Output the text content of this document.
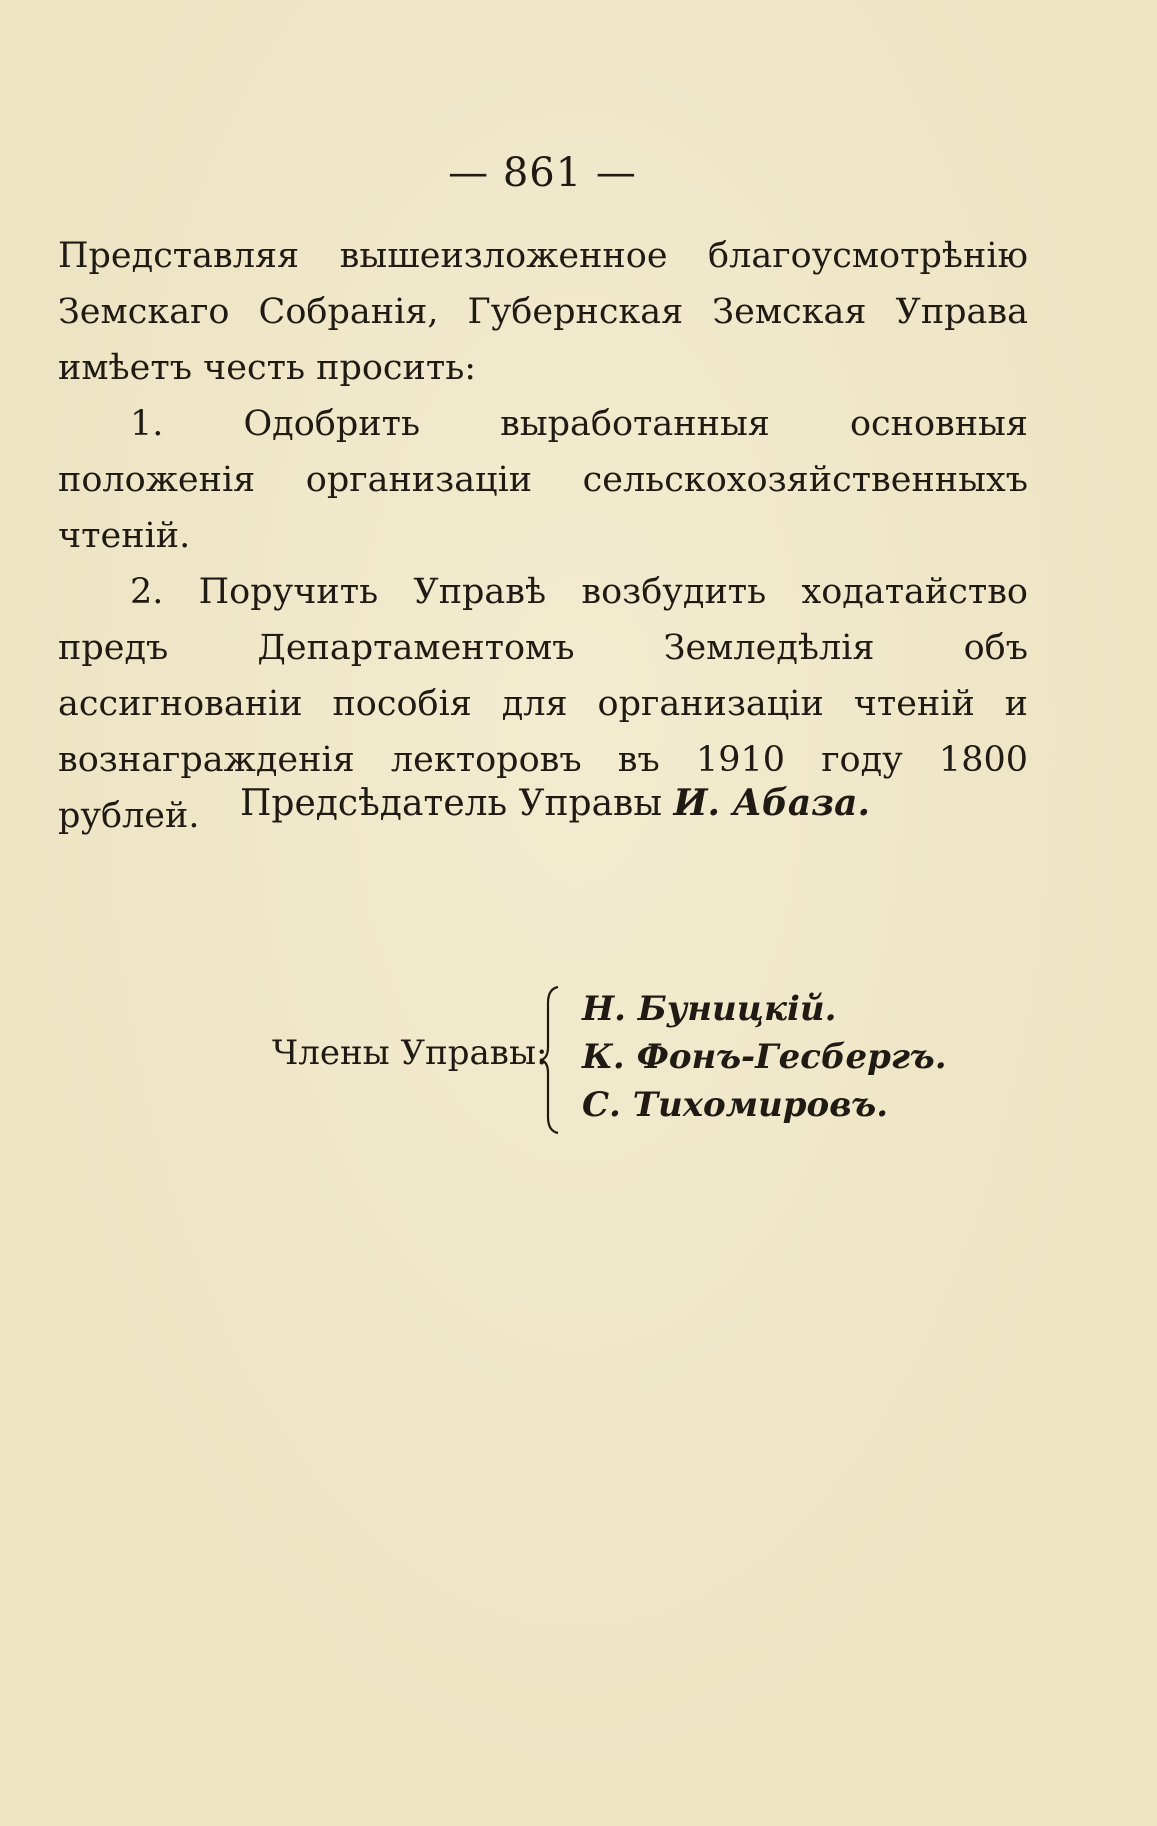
— 861 —

Представляя вышеизложенное благоусмотрѣнію Земскаго Собранія, Губернская Земская Управа имѣетъ честь просить:

1. Одобрить выработанныя основныя положенія организаціи сельскохозяйственныхъ чтеній.

2. Поручить Управѣ возбудить ходатайство предъ Департаментомъ Земледѣлія объ ассигнованіи пособія для организаціи чтеній и вознагражденія лекторовъ въ 1910 году 1800 рублей.	Предсѣдатель Управы И. Абаза.
Члены Управы:
Н. Буницкій.
К. Фонъ-Гесбергъ.
С. Тихомировъ.
